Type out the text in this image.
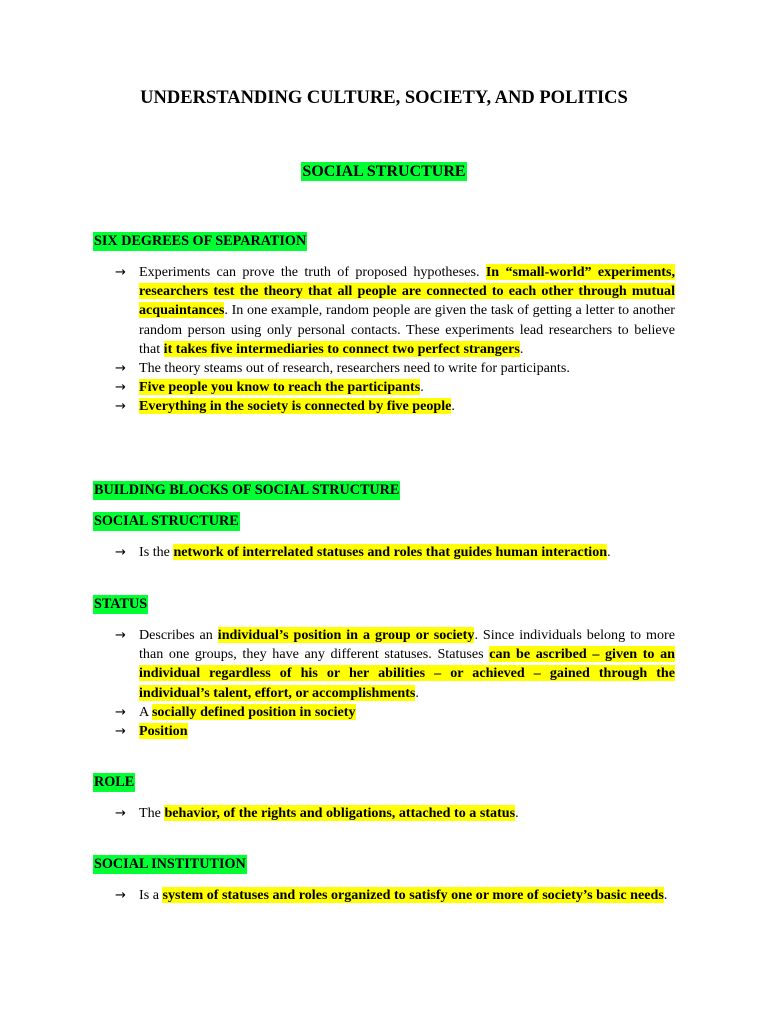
UNDERSTANDING CULTURE, SOCIETY, AND POLITICS
SOCIAL STRUCTURE
SIX DEGREES OF SEPARATION
→ Experiments can prove the truth of proposed hypotheses. In “small-world” experiments, researchers test the theory that all people are connected to each other through mutual acquaintances. In one example, random people are given the task of getting a letter to another random person using only personal contacts. These experiments lead researchers to believe that it takes five intermediaries to connect two perfect strangers.
→ The theory steams out of research, researchers need to write for participants.
→ Five people you know to reach the participants.
→ Everything in the society is connected by five people.
BUILDING BLOCKS OF SOCIAL STRUCTURE
SOCIAL STRUCTURE
→ Is the network of interrelated statuses and roles that guides human interaction.
STATUS
→ Describes an individual’s position in a group or society. Since individuals belong to more than one groups, they have any different statuses. Statuses can be ascribed – given to an individual regardless of his or her abilities – or achieved – gained through the individual’s talent, effort, or accomplishments.
→ A socially defined position in society
→ Position
ROLE
→ The behavior, of the rights and obligations, attached to a status.
SOCIAL INSTITUTION
→ Is a system of statuses and roles organized to satisfy one or more of society’s basic needs.
